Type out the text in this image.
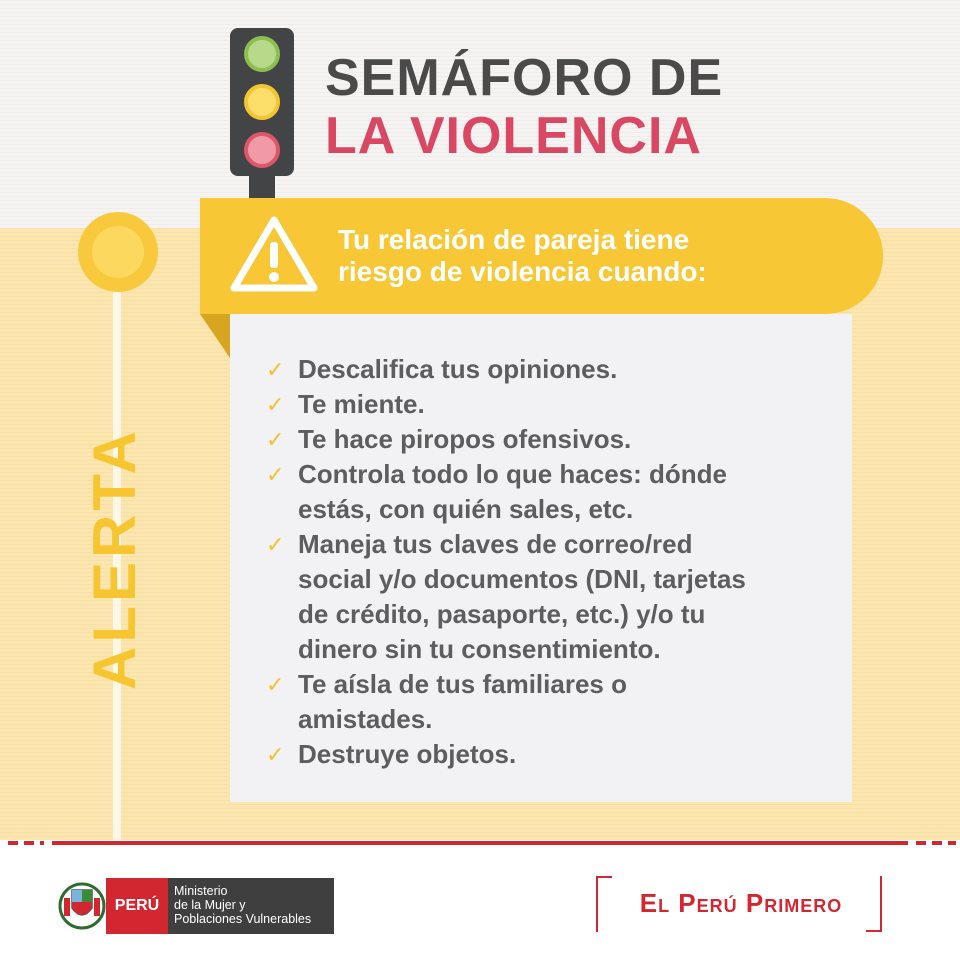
SEMÁFORO DE
LA VIOLENCIA
ALERTA
Tu relación de pareja tiene
riesgo de violencia cuando:
✓ Descalifica tus opiniones.
✓ Te miente.
✓ Te hace piropos ofensivos.
✓ Controla todo lo que haces: dónde
estás, con quién sales, etc.
✓ Maneja tus claves de correo/red
social y/o documentos (DNI, tarjetas
de crédito, pasaporte, etc.) y/o tu
dinero sin tu consentimiento.
✓ Te aísla de tus familiares o
amistades.
✓ Destruye objetos.
PERÚ
Ministerio
de la Mujer y
Poblaciones Vulnerables
El Perú Primero
